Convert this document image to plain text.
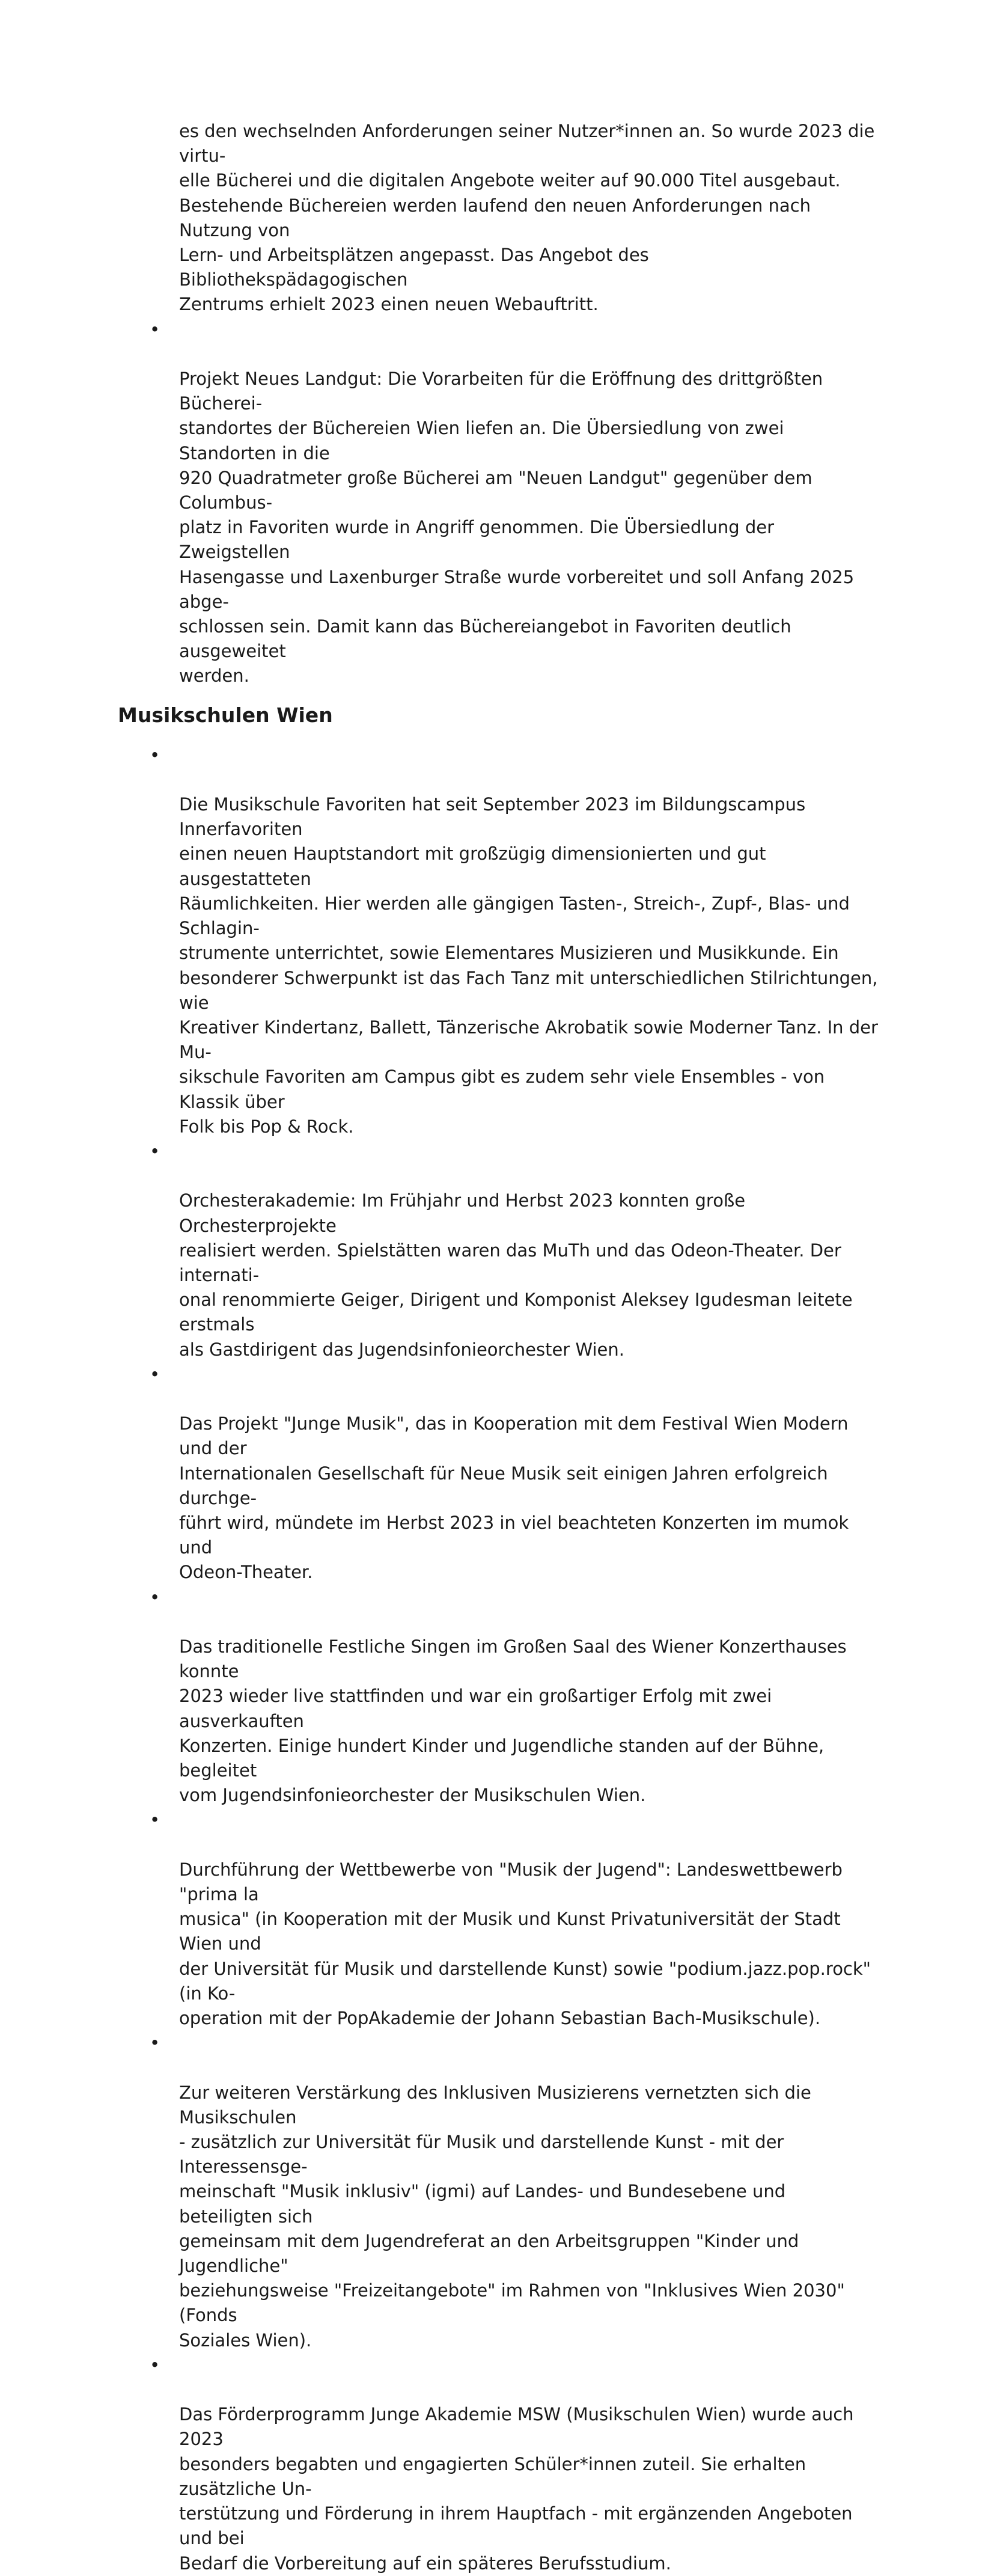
es den wechselnden Anforderungen seiner Nutzer*innen an. So wurde 2023 die virtu-
elle Bücherei und die digitalen Angebote weiter auf 90.000 Titel ausgebaut.
Bestehende Büchereien werden laufend den neuen Anforderungen nach Nutzung von
Lern- und Arbeitsplätzen angepasst. Das Angebot des Bibliothekspädagogischen
Zentrums erhielt 2023 einen neuen Webauftritt.

•

Projekt Neues Landgut: Die Vorarbeiten für die Eröffnung des drittgrößten Bücherei-
standortes der Büchereien Wien liefen an. Die Übersiedlung von zwei Standorten in die
920 Quadratmeter große Bücherei am "Neuen Landgut" gegenüber dem Columbus-
platz in Favoriten wurde in Angriff genommen. Die Übersiedlung der Zweigstellen
Hasengasse und Laxenburger Straße wurde vorbereitet und soll Anfang 2025 abge-
schlossen sein. Damit kann das Büchereiangebot in Favoriten deutlich ausgeweitet
werden.

Musikschulen Wien

•

Die Musikschule Favoriten hat seit September 2023 im Bildungscampus Innerfavoriten
einen neuen Hauptstandort mit großzügig dimensionierten und gut ausgestatteten
Räumlichkeiten. Hier werden alle gängigen Tasten-, Streich-, Zupf-, Blas- und Schlagin-
strumente unterrichtet, sowie Elementares Musizieren und Musikkunde. Ein
besonderer Schwerpunkt ist das Fach Tanz mit unterschiedlichen Stilrichtungen, wie
Kreativer Kindertanz, Ballett, Tänzerische Akrobatik sowie Moderner Tanz. In der Mu-
sikschule Favoriten am Campus gibt es zudem sehr viele Ensembles - von Klassik über
Folk bis Pop & Rock.

•

Orchesterakademie: Im Frühjahr und Herbst 2023 konnten große Orchesterprojekte
realisiert werden. Spielstätten waren das MuTh und das Odeon-Theater. Der internati-
onal renommierte Geiger, Dirigent und Komponist Aleksey Igudesman leitete erstmals
als Gastdirigent das Jugendsinfonieorchester Wien.

•

Das Projekt "Junge Musik", das in Kooperation mit dem Festival Wien Modern und der
Internationalen Gesellschaft für Neue Musik seit einigen Jahren erfolgreich durchge-
führt wird, mündete im Herbst 2023 in viel beachteten Konzerten im mumok und
Odeon-Theater.

•

Das traditionelle Festliche Singen im Großen Saal des Wiener Konzerthauses konnte
2023 wieder live stattfinden und war ein großartiger Erfolg mit zwei ausverkauften
Konzerten. Einige hundert Kinder und Jugendliche standen auf der Bühne, begleitet
vom Jugendsinfonieorchester der Musikschulen Wien.

•

Durchführung der Wettbewerbe von "Musik der Jugend": Landeswettbewerb "prima la
musica" (in Kooperation mit der Musik und Kunst Privatuniversität der Stadt Wien und
der Universität für Musik und darstellende Kunst) sowie "podium.jazz.pop.rock" (in Ko-
operation mit der PopAkademie der Johann Sebastian Bach-Musikschule).

•

Zur weiteren Verstärkung des Inklusiven Musizierens vernetzten sich die Musikschulen
- zusätzlich zur Universität für Musik und darstellende Kunst - mit der Interessensge-
meinschaft "Musik inklusiv" (igmi) auf Landes- und Bundesebene und beteiligten sich
gemeinsam mit dem Jugendreferat an den Arbeitsgruppen "Kinder und Jugendliche"
beziehungsweise "Freizeitangebote" im Rahmen von "Inklusives Wien 2030" (Fonds
Soziales Wien).

•

Das Förderprogramm Junge Akademie MSW (Musikschulen Wien) wurde auch 2023
besonders begabten und engagierten Schüler*innen zuteil. Sie erhalten zusätzliche Un-
terstützung und Förderung in ihrem Hauptfach - mit ergänzenden Angeboten und bei
Bedarf die Vorbereitung auf ein späteres Berufsstudium.
